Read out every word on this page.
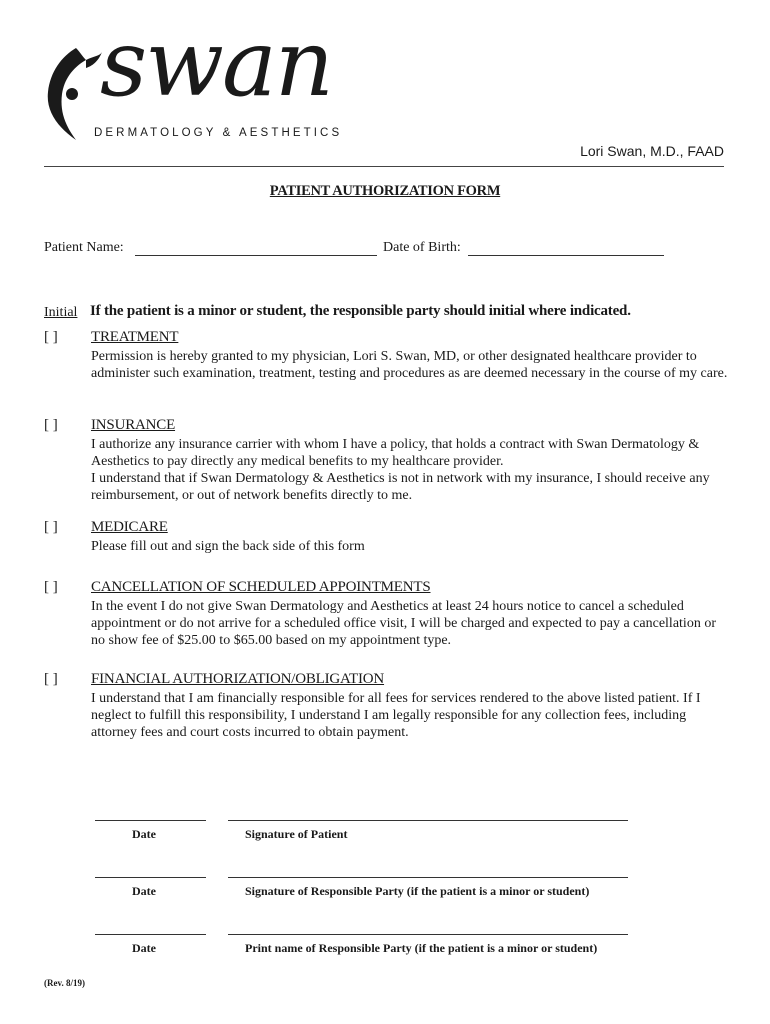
swan
DERMATOLOGY & AESTHETICS
Lori Swan, M.D., FAAD
PATIENT AUTHORIZATION FORM
Patient Name:	Date of Birth:
Initial If the patient is a minor or student, the responsible party should initial where indicated.
[ ]	TREATMENT

Permission is hereby granted to my physician, Lori S. Swan, MD, or other designated healthcare provider to administer such examination, treatment, testing and procedures as are deemed necessary in the course of my care.

[ ]	INSURANCE

I authorize any insurance carrier with whom I have a policy, that holds a contract with Swan Dermatology & Aesthetics to pay directly any medical benefits to my healthcare provider.

I understand that if Swan Dermatology & Aesthetics is not in network with my insurance, I should receive any reimbursement, or out of network benefits directly to me.

[ ]	MEDICARE

Please fill out and sign the back side of this form

[ ]	CANCELLATION OF SCHEDULED APPOINTMENTS

In the event I do not give Swan Dermatology and Aesthetics at least 24 hours notice to cancel a scheduled appointment or do not arrive for a scheduled office visit, I will be charged and expected to pay a cancellation or no show fee of $25.00 to $65.00 based on my appointment type.

[ ]	FINANCIAL AUTHORIZATION/OBLIGATION

I understand that I am financially responsible for all fees for services rendered to the above listed patient. If I neglect to fulfill this responsibility, I understand I am legally responsible for any collection fees, including attorney fees and court costs incurred to obtain payment.

Date	Signature of Patient
Date	Signature of Responsible Party (if the patient is a minor or student)
Date	Print name of Responsible Party (if the patient is a minor or student)
(Rev. 8/19)
